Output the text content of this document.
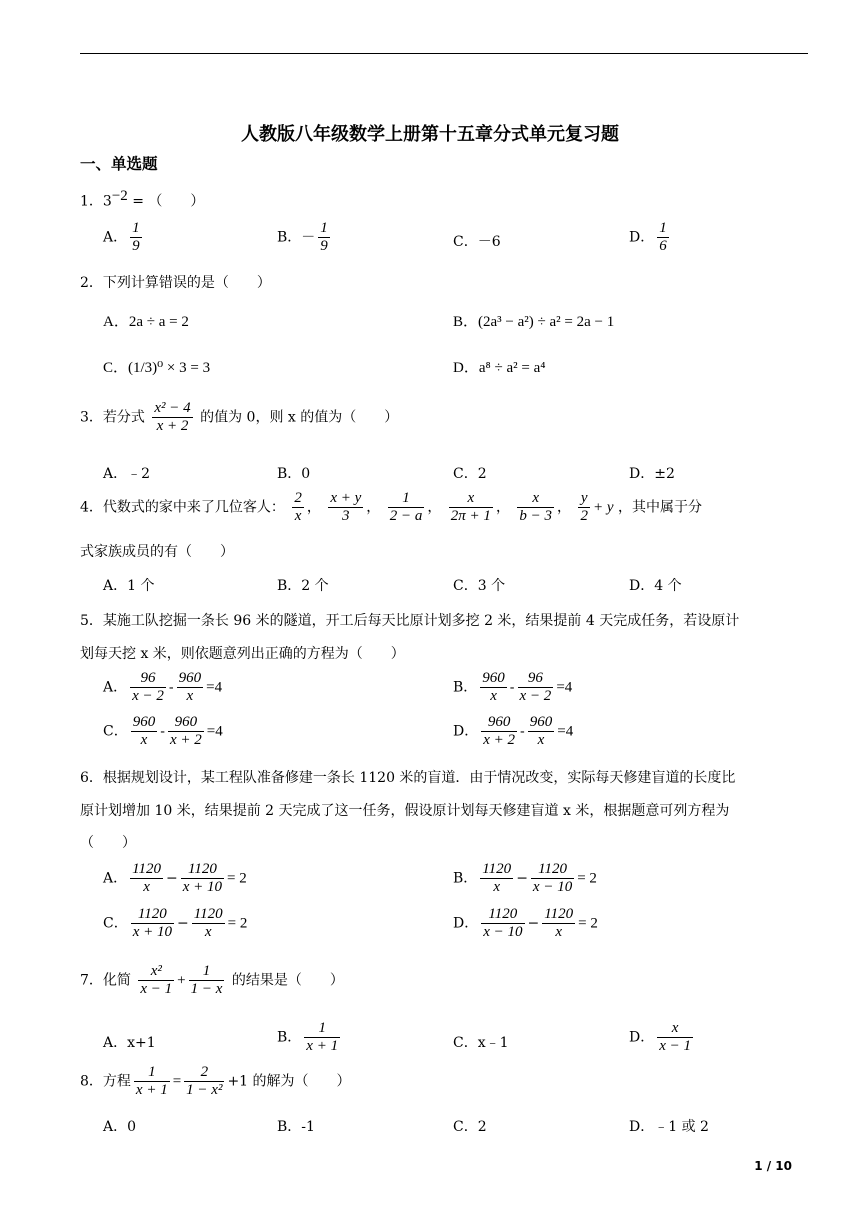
人教版八年级数学上册第十五章分式单元复习题
一、单选题
1．$3^{-2}$ = （　　）
A． $\frac{1}{9}$	B．－ $\frac{1}{9}$	C．－6	D． $\frac{1}{6}$
2．下列计算错误的是（　　）
A．2a ÷ a = 2	B．(2a³ − a²) ÷ a² = 2a − 1
C．(1/3)⁰ × 3 = 3	D．a⁸ ÷ a² = a⁴
3．若分式 $\frac{\text{x² − 4}}{x + 2}$ 的值为 0，则 x 的值为（　　）
A．﹣2	B．0	C．2	D．±2
4．代数式的家中来了几位客人： $\frac{2}{x}$ ， $\frac{x + y}{3}$ ， $\frac{1}{2 - a}$ ， $\frac{x}{2\pi + 1}$ ， $\frac{x}{b - 3}$ ， $\frac{y}{2} + y$ ，其中属于分
式家族成员的有（　　）
A．1 个	B．2 个	C．3 个	D．4 个
5．某施工队挖掘一条长 96 米的隧道，开工后每天比原计划多挖 2 米，结果提前 4 天完成任务，若设原计
划每天挖 x 米，则依题意列出正确的方程为（　　）
A． $\frac{96}{x - 2} - \frac{960}{x} =4$	B． $\frac{960}{x} - \frac{96}{x - 2} =4$
C． $\frac{960}{x} - \frac{960}{x + 2} =4$	D． $\frac{960}{x + 2} - \frac{960}{x} =4$
6．根据规划设计，某工程队准备修建一条长 1120 米的盲道．由于情况改变，实际每天修建盲道的长度比
原计划增加 10 米，结果提前 2 天完成了这一任务，假设原计划每天修建盲道 x 米，根据题意可列方程为
（　　）
A． $\frac{1120}{x} - \frac{1120}{x + 10} = 2$	B． $\frac{1120}{x} - \frac{1120}{x - 10} = 2$
C． $\frac{1120}{x + 10} - \frac{1120}{x} = 2$	D． $\frac{1120}{x - 10} - \frac{1120}{x} = 2$
7．化简 $\frac{\text{x²}}{x - 1} + \frac{1}{1 - x}$ 的结果是（　　）
A．x+1	B． $\frac{1}{x + 1}$	C．x﹣1	D． $\frac{x}{x - 1}$
8．方程 $\frac{1}{x + 1} = \frac{2}{\text{1 − x²}} +1$ 的解为（　　）
A．0	B．-1	C．2	D．﹣1 或 2
1 / 10
